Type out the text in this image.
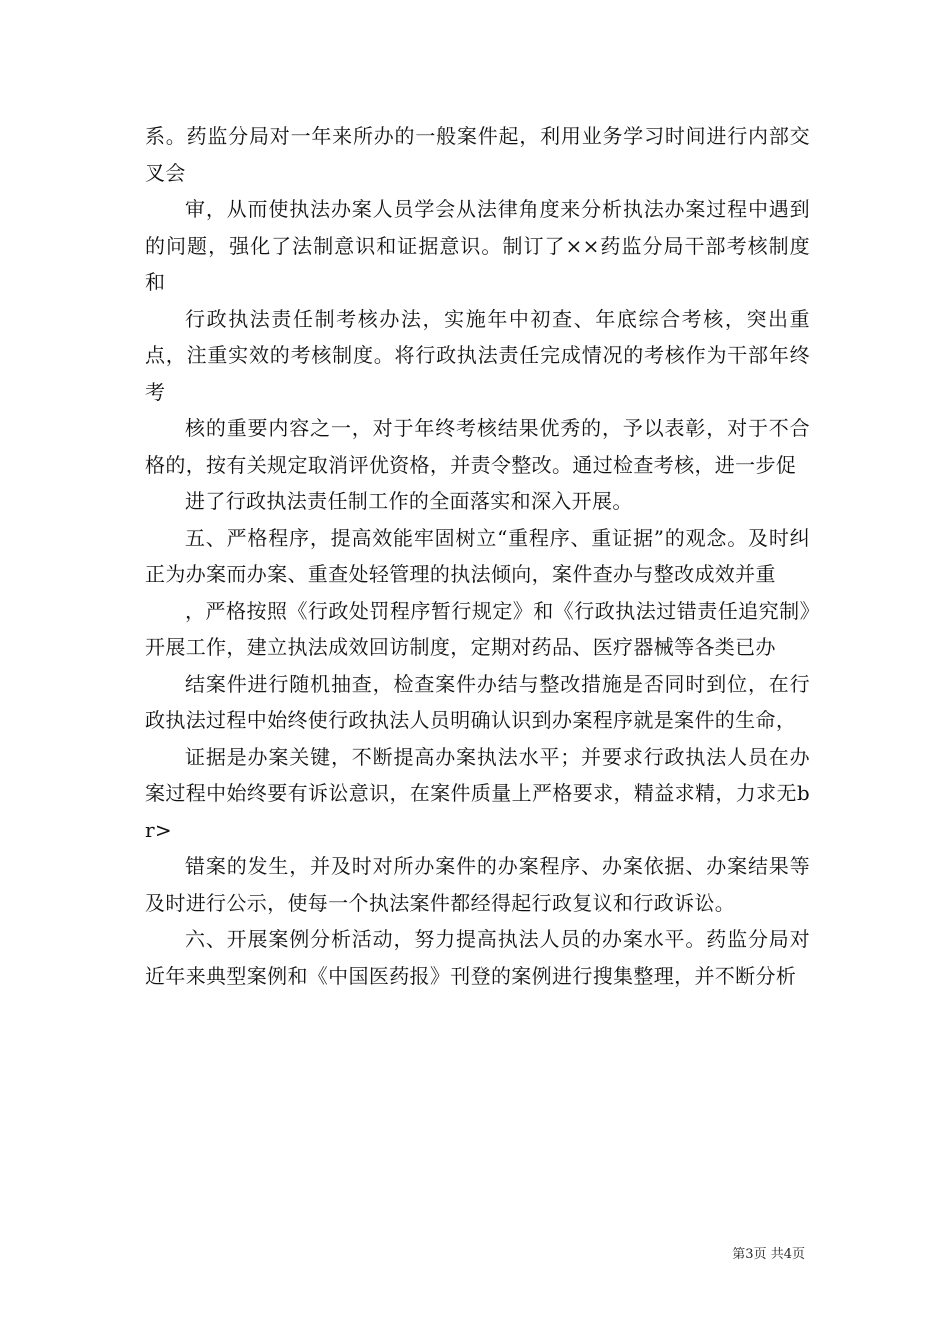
系。药监分局对一年来所办的一般案件起，利用业务学习时间进行内部交叉会

审，从而使执法办案人员学会从法律角度来分析执法办案过程中遇到的问题，强化了法制意识和证据意识。制订了××药监分局干部考核制度和

行政执法责任制考核办法，实施年中初查、年底综合考核，突出重点，注重实效的考核制度。将行政执法责任完成情况的考核作为干部年终考

核的重要内容之一，对于年终考核结果优秀的，予以表彰，对于不合格的，按有关规定取消评优资格，并责令整改。通过检查考核，进一步促

进了行政执法责任制工作的全面落实和深入开展。

五、严格程序，提高效能牢固树立“重程序、重证据”的观念。及时纠正为办案而办案、重查处轻管理的执法倾向，案件查办与整改成效并重

，严格按照《行政处罚程序暂行规定》和《行政执法过错责任追究制》开展工作，建立执法成效回访制度，定期对药品、医疗器械等各类已办

结案件进行随机抽查，检查案件办结与整改措施是否同时到位，在行政执法过程中始终使行政执法人员明确认识到办案程序就是案件的生命，

证据是办案关键，不断提高办案执法水平；并要求行政执法人员在办案过程中始终要有诉讼意识，在案件质量上严格要求，精益求精，力求无br>

错案的发生，并及时对所办案件的办案程序、办案依据、办案结果等及时进行公示，使每一个执法案件都经得起行政复议和行政诉讼。

六、开展案例分析活动，努力提高执法人员的办案水平。药监分局对近年来典型案例和《中国医药报》刊登的案例进行搜集整理，并不断分析

第3页 共4页
